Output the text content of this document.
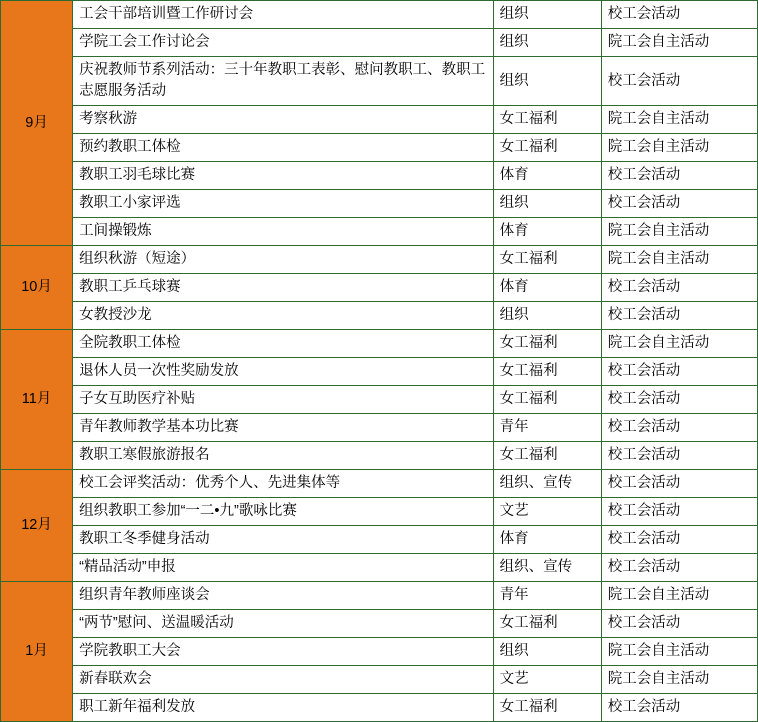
9月	工会干部培训暨工作研讨会	组织	校工会活动
	学院工会工作讨论会	组织	院工会自主活动
	庆祝教师节系列活动：三十年教职工表彰、慰问教职工、教职工志愿服务活动	组织	校工会活动
	考察秋游	女工福利	院工会自主活动
	预约教职工体检	女工福利	院工会自主活动
	教职工羽毛球比赛	体育	校工会活动
	教职工小家评选	组织	校工会活动
	工间操锻炼	体育	院工会自主活动
10月	组织秋游（短途）	女工福利	院工会自主活动
	教职工乒乓球赛	体育	校工会活动
	女教授沙龙	组织	校工会活动
11月	全院教职工体检	女工福利	院工会自主活动
	退休人员一次性奖励发放	女工福利	校工会活动
	子女互助医疗补贴	女工福利	校工会活动
	青年教师教学基本功比赛	青年	校工会活动
	教职工寒假旅游报名	女工福利	校工会活动
12月	校工会评奖活动：优秀个人、先进集体等	组织、宣传	校工会活动
	组织教职工参加“一二•九”歌咏比赛	文艺	校工会活动
	教职工冬季健身活动	体育	校工会活动
	“精品活动”申报	组织、宣传	校工会活动
1月	组织青年教师座谈会	青年	院工会自主活动
	“两节”慰问、送温暖活动	女工福利	校工会活动
	学院教职工大会	组织	院工会自主活动
	新春联欢会	文艺	院工会自主活动
	职工新年福利发放	女工福利	校工会活动
